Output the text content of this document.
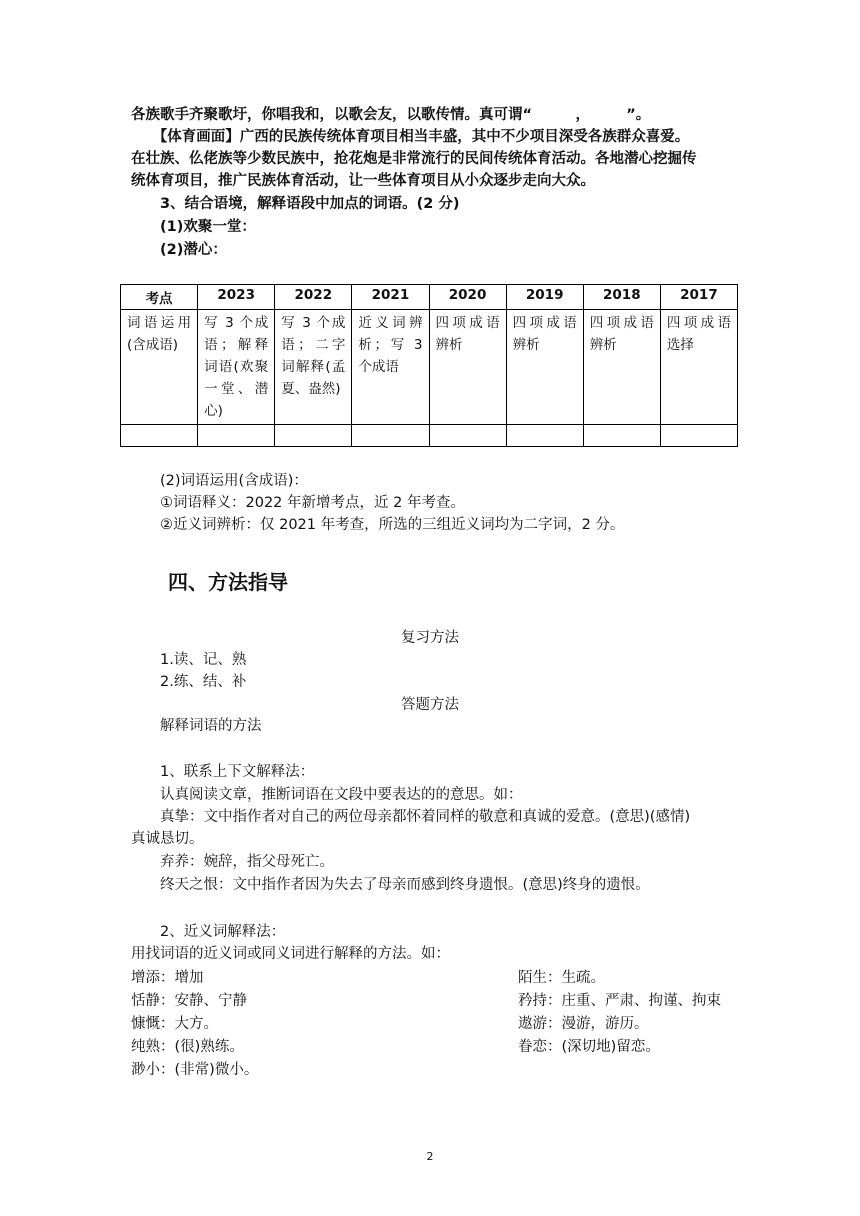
各族歌手齐聚歌圩，你唱我和，以歌会友，以歌传情。真可谓“　　　，　　　”。
　　【体育画面】广西的民族传统体育项目相当丰盛，其中不少项目深受各族群众喜爱。
在壮族、仫佬族等少数民族中，抢花炮是非常流行的民间传统体育活动。各地潜心挖掘传
统体育项目，推广民族体育活动，让一些体育项目从小众逐步走向大众。
3、结合语境，解释语段中加点的词语。(2 分)
(1)欢聚一堂：
(2)潜心：
考点	2023	2022	2021	2020	2019	2018	2017
词语运用(含成语)	写 3 个成语；解释词语(欢聚一堂、潜心)	写 3 个成语；二字词解释(孟夏、盎然)	近义词辨析；写 3 个成语	四项成语辨析	四项成语辨析	四项成语辨析	四项成语选择

(2)词语运用(含成语)：
①词语释义：2022 年新增考点，近 2 年考查。
②近义词辨析：仅 2021 年考查，所选的三组近义词均为二字词，2 分。
四、方法指导
复习方法
1.读、记、熟
2.练、结、补
答题方法
解释词语的方法
1、联系上下文解释法：
认真阅读文章，推断词语在文段中要表达的的意思。如：
真挚：文中指作者对自己的两位母亲都怀着同样的敬意和真诚的爱意。(意思)(感情)
真诚恳切。
弃养：婉辞，指父母死亡。
终天之恨：文中指作者因为失去了母亲而感到终身遗恨。(意思)终身的遗恨。
2、近义词解释法：
用找词语的近义词或同义词进行解释的方法。如：
增添：增加	陌生：生疏。
恬静：安静、宁静	矜持：庄重、严肃、拘谨、拘束
慷慨：大方。	遨游：漫游，游历。
纯熟：(很)熟练。	眷恋：(深切地)留恋。
渺小：(非常)微小。
2
